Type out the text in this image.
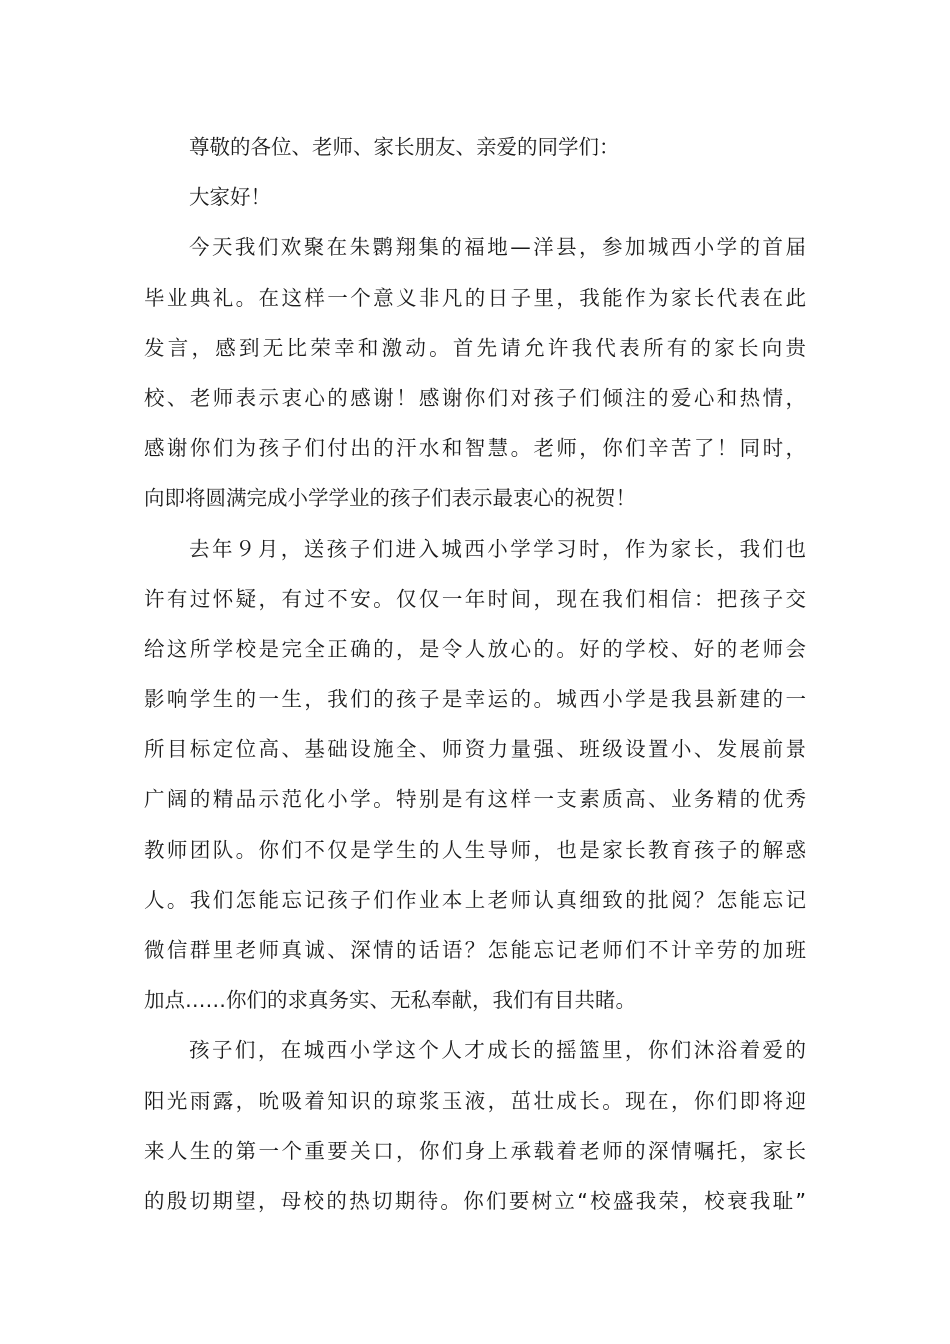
尊敬的各位、老师、家长朋友、亲爱的同学们：
大家好！
今天我们欢聚在朱鹮翔集的福地—洋县，参加城西小学的首届
毕业典礼。在这样一个意义非凡的日子里，我能作为家长代表在此
发言，感到无比荣幸和激动。首先请允许我代表所有的家长向贵
校、老师表示衷心的感谢！感谢你们对孩子们倾注的爱心和热情，
感谢你们为孩子们付出的汗水和智慧。老师，你们辛苦了！同时，
向即将圆满完成小学学业的孩子们表示最衷心的祝贺！
去年９月，送孩子们进入城西小学学习时，作为家长，我们也
许有过怀疑，有过不安。仅仅一年时间，现在我们相信：把孩子交
给这所学校是完全正确的，是令人放心的。好的学校、好的老师会
影响学生的一生，我们的孩子是幸运的。城西小学是我县新建的一
所目标定位高、基础设施全、师资力量强、班级设置小、发展前景
广阔的精品示范化小学。特别是有这样一支素质高、业务精的优秀
教师团队。你们不仅是学生的人生导师，也是家长教育孩子的解惑
人。我们怎能忘记孩子们作业本上老师认真细致的批阅？怎能忘记
微信群里老师真诚、深情的话语？怎能忘记老师们不计辛劳的加班
加点……你们的求真务实、无私奉献，我们有目共睹。
孩子们，在城西小学这个人才成长的摇篮里，你们沐浴着爱的
阳光雨露，吮吸着知识的琼浆玉液，茁壮成长。现在，你们即将迎
来人生的第一个重要关口，你们身上承载着老师的深情嘱托，家长
的殷切期望，母校的热切期待。你们要树立“校盛我荣，校衰我耻”
